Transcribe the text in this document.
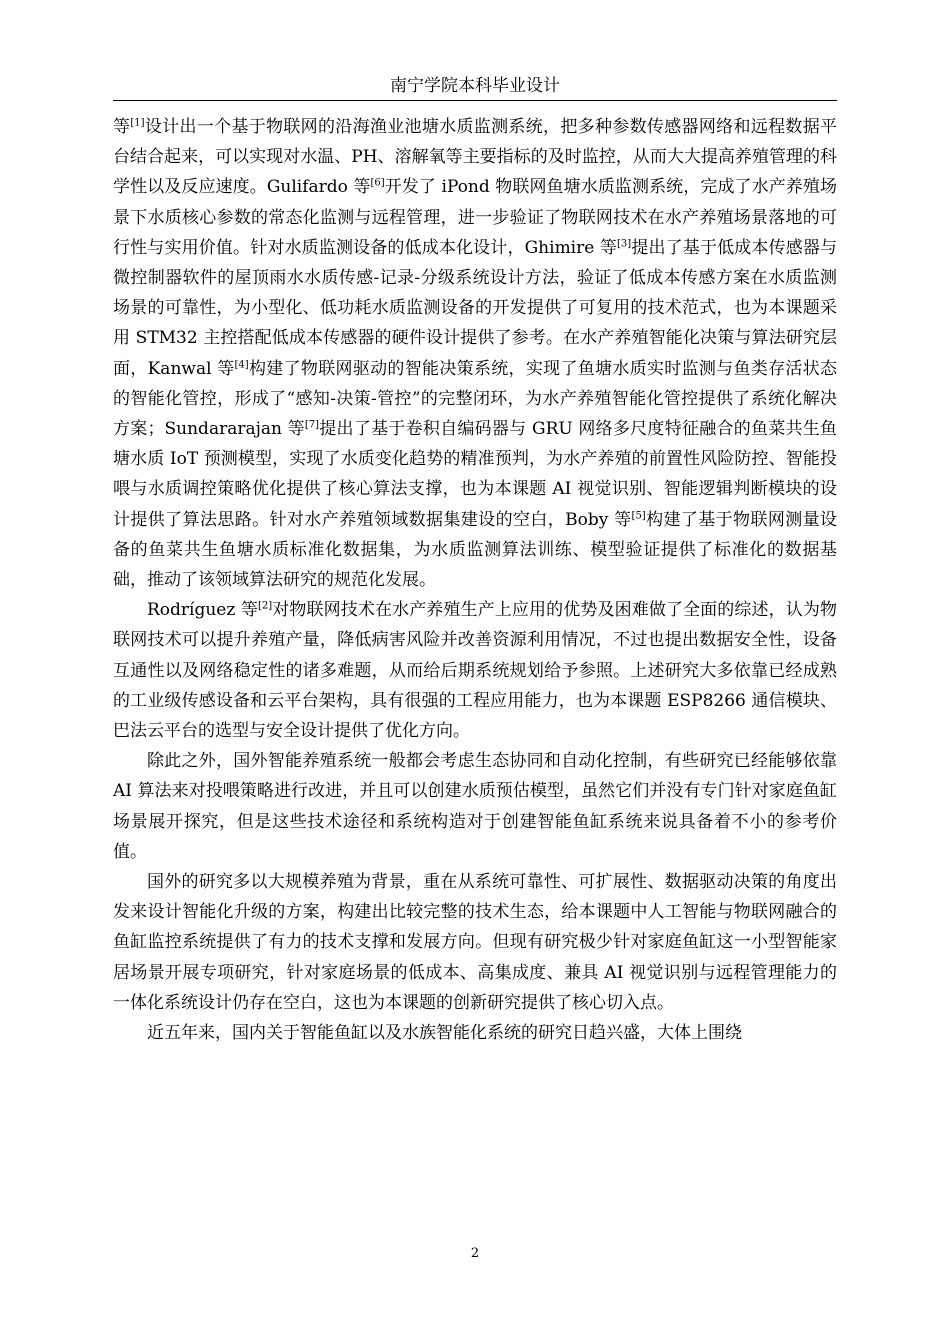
南宁学院本科毕业设计

等[1]设计出一个基于物联网的沿海渔业池塘水质监测系统，把多种参数传感器网络和远程数据平台结合起来，可以实现对水温、PH、溶解氧等主要指标的及时监控，从而大大提高养殖管理的科学性以及反应速度。Gulifardo 等[6]开发了 iPond 物联网鱼塘水质监测系统，完成了水产养殖场景下水质核心参数的常态化监测与远程管理，进一步验证了物联网技术在水产养殖场景落地的可行性与实用价值。针对水质监测设备的低成本化设计，Ghimire 等[3]提出了基于低成本传感器与微控制器软件的屋顶雨水水质传感-记录-分级系统设计方法，验证了低成本传感方案在水质监测场景的可靠性，为小型化、低功耗水质监测设备的开发提供了可复用的技术范式，也为本课题采用 STM32 主控搭配低成本传感器的硬件设计提供了参考。在水产养殖智能化决策与算法研究层面，Kanwal 等[4]构建了物联网驱动的智能决策系统，实现了鱼塘水质实时监测与鱼类存活状态的智能化管控，形成了“感知-决策-管控”的完整闭环，为水产养殖智能化管控提供了系统化解决方案；Sundararajan 等[7]提出了基于卷积自编码器与 GRU 网络多尺度特征融合的鱼菜共生鱼塘水质 IoT 预测模型，实现了水质变化趋势的精准预判，为水产养殖的前置性风险防控、智能投喂与水质调控策略优化提供了核心算法支撑，也为本课题 AI 视觉识别、智能逻辑判断模块的设计提供了算法思路。针对水产养殖领域数据集建设的空白，Boby 等[5]构建了基于物联网测量设备的鱼菜共生鱼塘水质标准化数据集，为水质监测算法训练、模型验证提供了标准化的数据基础，推动了该领域算法研究的规范化发展。

Rodríguez 等[2]对物联网技术在水产养殖生产上应用的优势及困难做了全面的综述，认为物联网技术可以提升养殖产量，降低病害风险并改善资源利用情况，不过也提出数据安全性，设备互通性以及网络稳定性的诸多难题，从而给后期系统规划给予参照。上述研究大多依靠已经成熟的工业级传感设备和云平台架构，具有很强的工程应用能力，也为本课题 ESP8266 通信模块、巴法云平台的选型与安全设计提供了优化方向。

除此之外，国外智能养殖系统一般都会考虑生态协同和自动化控制，有些研究已经能够依靠 AI 算法来对投喂策略进行改进，并且可以创建水质预估模型，虽然它们并没有专门针对家庭鱼缸场景展开探究，但是这些技术途径和系统构造对于创建智能鱼缸系统来说具备着不小的参考价值。

国外的研究多以大规模养殖为背景，重在从系统可靠性、可扩展性、数据驱动决策的角度出发来设计智能化升级的方案，构建出比较完整的技术生态，给本课题中人工智能与物联网融合的鱼缸监控系统提供了有力的技术支撑和发展方向。但现有研究极少针对家庭鱼缸这一小型智能家居场景开展专项研究，针对家庭场景的低成本、高集成度、兼具 AI 视觉识别与远程管理能力的一体化系统设计仍存在空白，这也为本课题的创新研究提供了核心切入点。

近五年来，国内关于智能鱼缸以及水族智能化系统的研究日趋兴盛，大体上围绕

2
